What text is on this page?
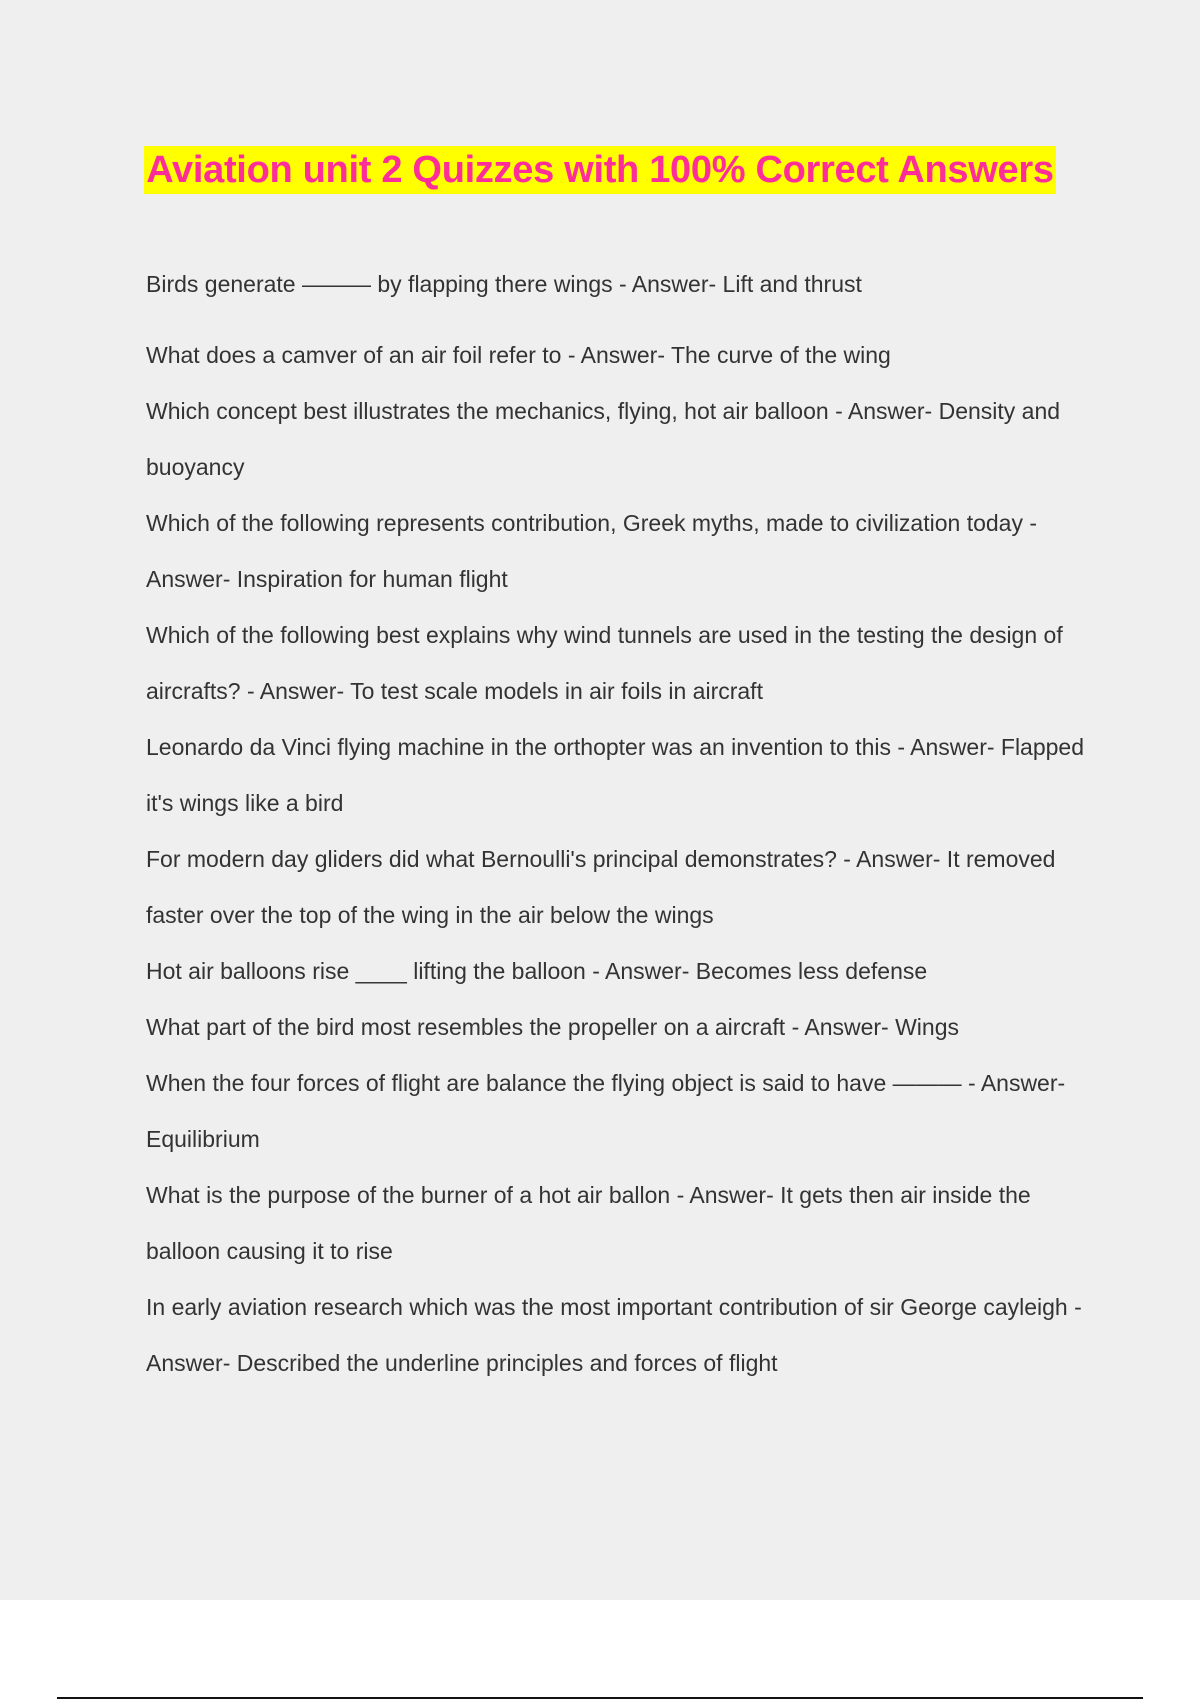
Aviation unit 2 Quizzes with 100% Correct Answers

Birds generate ——— by flapping there wings - Answer- Lift and thrust

What does a camver of an air foil refer to - Answer- The curve of the wing

Which concept best illustrates the mechanics, flying, hot air balloon - Answer- Density and buoyancy

Which of the following represents contribution, Greek myths, made to civilization today - Answer- Inspiration for human flight

Which of the following best explains why wind tunnels are used in the testing the design of aircrafts? - Answer- To test scale models in air foils in aircraft

Leonardo da Vinci flying machine in the orthopter was an invention to this - Answer- Flapped it's wings like a bird

For modern day gliders did what Bernoulli's principal demonstrates? - Answer- It removed faster over the top of the wing in the air below the wings

Hot air balloons rise ____ lifting the balloon - Answer- Becomes less defense

What part of the bird most resembles the propeller on a aircraft - Answer- Wings

When the four forces of flight are balance the flying object is said to have ——— - Answer- Equilibrium

What is the purpose of the burner of a hot air ballon - Answer- It gets then air inside the balloon causing it to rise

In early aviation research which was the most important contribution of sir George cayleigh - Answer- Described the underline principles and forces of flight
